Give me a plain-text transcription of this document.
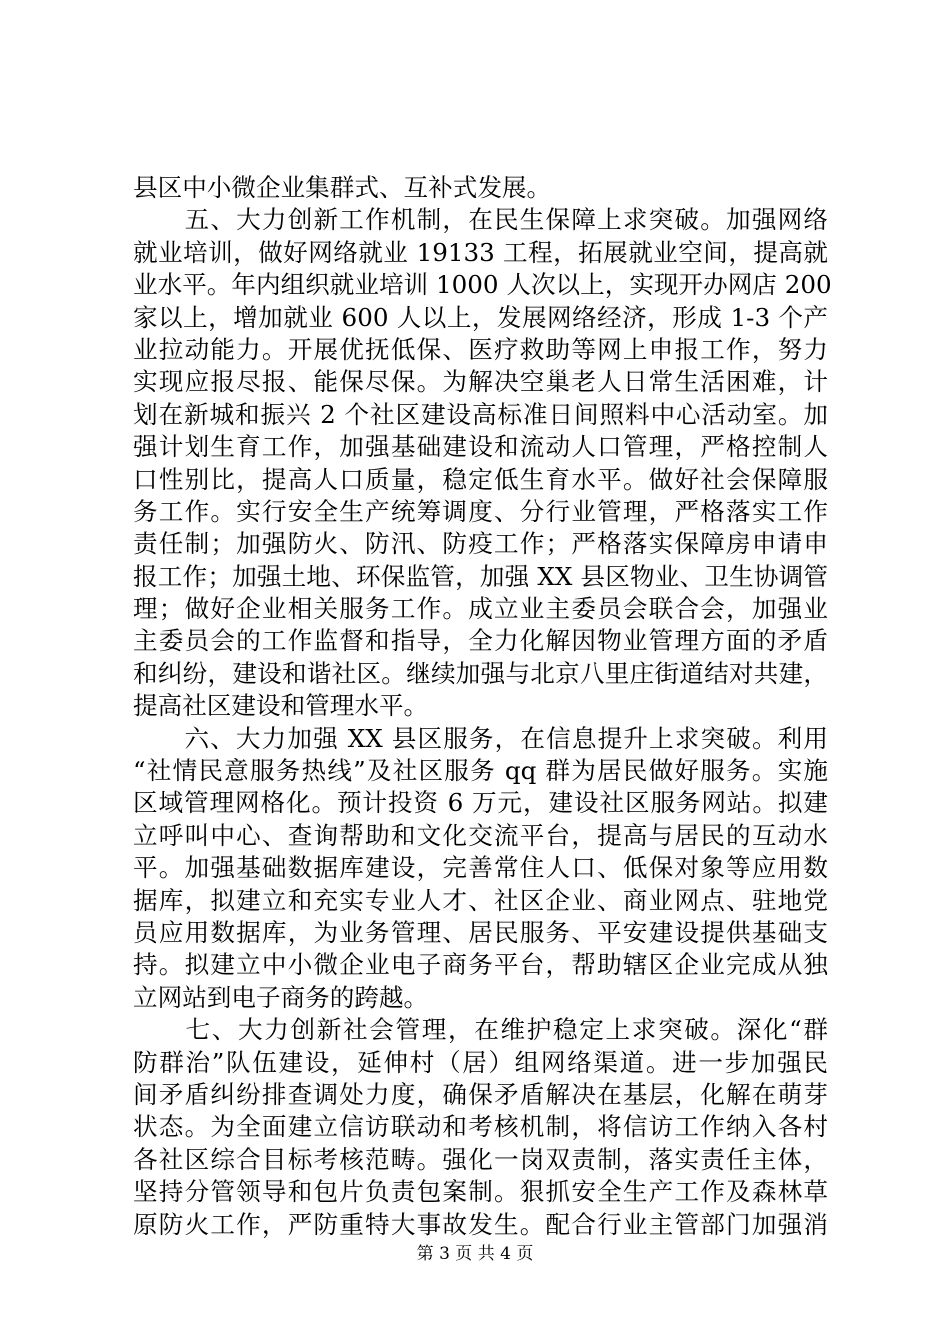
县区中小微企业集群式、互补式发展。
　　五、大力创新工作机制，在民生保障上求突破。加强网络
就业培训，做好网络就业 19133 工程，拓展就业空间，提高就
业水平。年内组织就业培训 1000 人次以上，实现开办网店 200
家以上，增加就业 600 人以上，发展网络经济，形成 1-3 个产
业拉动能力。开展优抚低保、医疗救助等网上申报工作，努力
实现应报尽报、能保尽保。为解决空巢老人日常生活困难，计
划在新城和振兴 2 个社区建设高标准日间照料中心活动室。加
强计划生育工作，加强基础建设和流动人口管理，严格控制人
口性别比，提高人口质量，稳定低生育水平。做好社会保障服
务工作。实行安全生产统筹调度、分行业管理，严格落实工作
责任制；加强防火、防汛、防疫工作；严格落实保障房申请申
报工作；加强土地、环保监管，加强 XX 县区物业、卫生协调管
理；做好企业相关服务工作。成立业主委员会联合会，加强业
主委员会的工作监督和指导，全力化解因物业管理方面的矛盾
和纠纷，建设和谐社区。继续加强与北京八里庄街道结对共建，
提高社区建设和管理水平。
　　六、大力加强 XX 县区服务，在信息提升上求突破。利用
“社情民意服务热线”及社区服务 qq 群为居民做好服务。实施
区域管理网格化。预计投资 6 万元，建设社区服务网站。拟建
立呼叫中心、查询帮助和文化交流平台，提高与居民的互动水
平。加强基础数据库建设，完善常住人口、低保对象等应用数
据库，拟建立和充实专业人才、社区企业、商业网点、驻地党
员应用数据库，为业务管理、居民服务、平安建设提供基础支
持。拟建立中小微企业电子商务平台，帮助辖区企业完成从独
立网站到电子商务的跨越。
　　七、大力创新社会管理，在维护稳定上求突破。深化“群
防群治”队伍建设，延伸村（居）组网络渠道。进一步加强民
间矛盾纠纷排查调处力度，确保矛盾解决在基层，化解在萌芽
状态。为全面建立信访联动和考核机制，将信访工作纳入各村
各社区综合目标考核范畴。强化一岗双责制，落实责任主体，
坚持分管领导和包片负责包案制。狠抓安全生产工作及森林草
原防火工作，严防重特大事故发生。配合行业主管部门加强消
第 3 页 共 4 页
